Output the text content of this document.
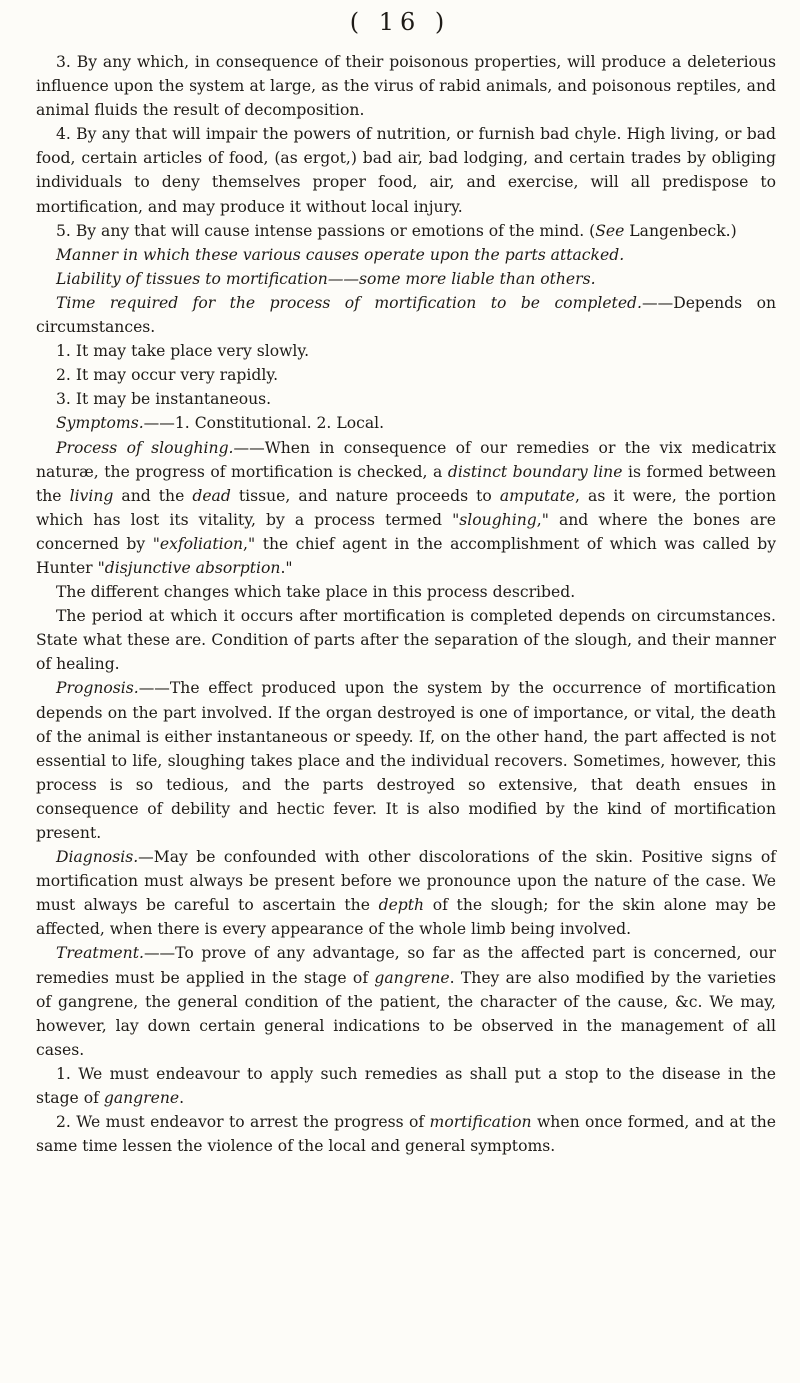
( 16 )

3. By any which, in consequence of their poisonous properties, will produce a deleterious influence upon the system at large, as the virus of rabid animals, and poisonous reptiles, and animal fluids the result of decomposition.

4. By any that will impair the powers of nutrition, or furnish bad chyle. High living, or bad food, certain articles of food, (as ergot,) bad air, bad lodging, and certain trades by obliging individuals to deny themselves proper food, air, and exercise, will all predispose to mortification, and may produce it without local injury.

5. By any that will cause intense passions or emotions of the mind. (See Langenbeck.)

Manner in which these various causes operate upon the parts attacked.

Liability of tissues to mortification——some more liable than others.

Time required for the process of mortification to be completed.——Depends on circumstances.

1. It may take place very slowly.

2. It may occur very rapidly.

3. It may be instantaneous.

Symptoms.——1. Constitutional. 2. Local.

Process of sloughing.——When in consequence of our remedies or the vix medicatrix naturæ, the progress of mortification is checked, a distinct boundary line is formed between the living and the dead tissue, and nature proceeds to amputate, as it were, the portion which has lost its vitality, by a process termed "sloughing," and where the bones are concerned by "exfoliation," the chief agent in the accomplishment of which was called by Hunter "disjunctive absorption."

The different changes which take place in this process described.

The period at which it occurs after mortification is completed depends on circumstances. State what these are. Condition of parts after the separation of the slough, and their manner of healing.

Prognosis.——The effect produced upon the system by the occurrence of mortification depends on the part involved. If the organ destroyed is one of importance, or vital, the death of the animal is either instantaneous or speedy. If, on the other hand, the part affected is not essential to life, sloughing takes place and the individual recovers. Sometimes, however, this process is so tedious, and the parts destroyed so extensive, that death ensues in consequence of debility and hectic fever. It is also modified by the kind of mortification present.

Diagnosis.—May be confounded with other discolorations of the skin. Positive signs of mortification must always be present before we pronounce upon the nature of the case. We must always be careful to ascertain the depth of the slough; for the skin alone may be affected, when there is every appearance of the whole limb being involved.

Treatment.——To prove of any advantage, so far as the affected part is concerned, our remedies must be applied in the stage of gangrene. They are also modified by the varieties of gangrene, the general condition of the patient, the character of the cause, &c. We may, however, lay down certain general indications to be observed in the management of all cases.

1. We must endeavour to apply such remedies as shall put a stop to the disease in the stage of gangrene.

2. We must endeavor to arrest the progress of mortification when once formed, and at the same time lessen the violence of the local and general symptoms.
